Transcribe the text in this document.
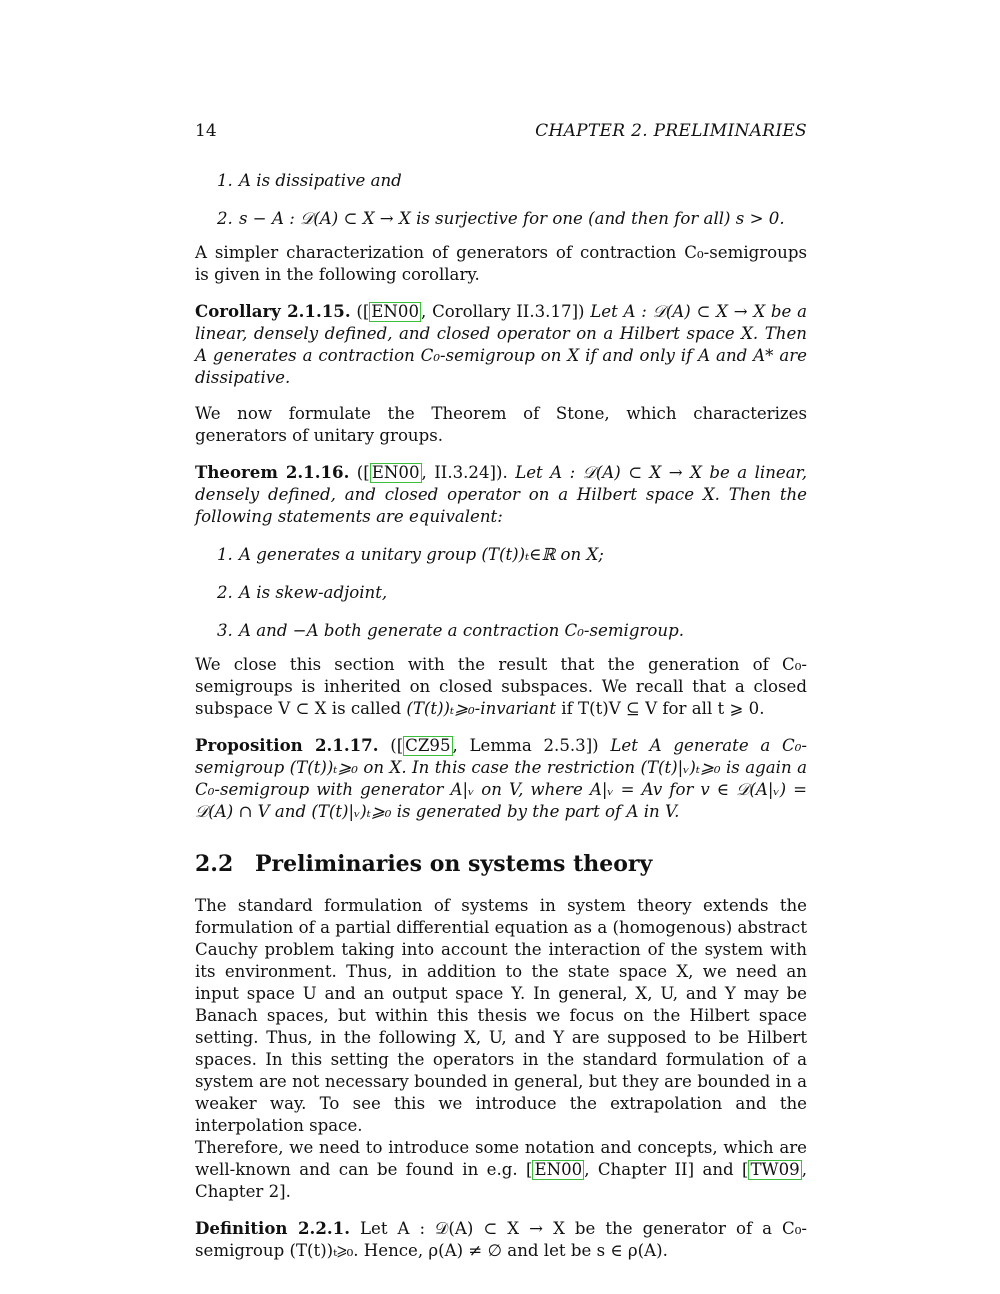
14	CHAPTER 2. PRELIMINARIES
1. A is dissipative and
2. s − A : 𝒟(A) ⊂ X → X is surjective for one (and then for all) s > 0.

A simpler characterization of generators of contraction C₀-semigroups is given in the following corollary.

Corollary 2.1.15. ([ EN00 , Corollary II.3.17]) Let A : 𝒟(A) ⊂ X → X be a linear, densely defined, and closed operator on a Hilbert space X. Then A generates a contraction C₀-semigroup on X if and only if A and A* are dissipative.

We now formulate the Theorem of Stone, which characterizes generators of unitary groups.

Theorem 2.1.16. ([ EN00 , II.3.24]). Let A : 𝒟(A) ⊂ X → X be a linear, densely defined, and closed operator on a Hilbert space X. Then the following statements are equivalent:

1. A generates a unitary group (T(t))ₜ∈ℝ on X;
2. A is skew-adjoint,
3. A and −A both generate a contraction C₀-semigroup.

We close this section with the result that the generation of C₀-semigroups is inherited on closed subspaces. We recall that a closed subspace V ⊂ X is called (T(t))ₜ⩾₀-invariant if T(t)V ⊆ V for all t ⩾ 0.

Proposition 2.1.17. ([ CZ95 , Lemma 2.5.3]) Let A generate a C₀-semigroup (T(t))ₜ⩾₀ on X. In this case the restriction (T(t)|ᵥ)ₜ⩾₀ is again a C₀-semigroup with generator A|ᵥ on V, where A|ᵥ = Av for v ∈ 𝒟(A|ᵥ) = 𝒟(A) ∩ V and (T(t)|ᵥ)ₜ⩾₀ is generated by the part of A in V.

2.2 Preliminaries on systems theory

The standard formulation of systems in system theory extends the formulation of a partial differential equation as a (homogenous) abstract Cauchy problem taking into account the interaction of the system with its environment. Thus, in addition to the state space X, we need an input space U and an output space Y. In general, X, U, and Y may be Banach spaces, but within this thesis we focus on the Hilbert space setting. Thus, in the following X, U, and Y are supposed to be Hilbert spaces. In this setting the operators in the standard formulation of a system are not necessary bounded in general, but they are bounded in a weaker way. To see this we introduce the extrapolation and the interpolation space.

Therefore, we need to introduce some notation and concepts, which are well-known and can be found in e.g. [ EN00 , Chapter II] and [ TW09 , Chapter 2].

Definition 2.2.1. Let A : 𝒟(A) ⊂ X → X be the generator of a C₀-semigroup (T(t))ₜ⩾₀. Hence, ρ(A) ≠ ∅ and let be s ∈ ρ(A).
